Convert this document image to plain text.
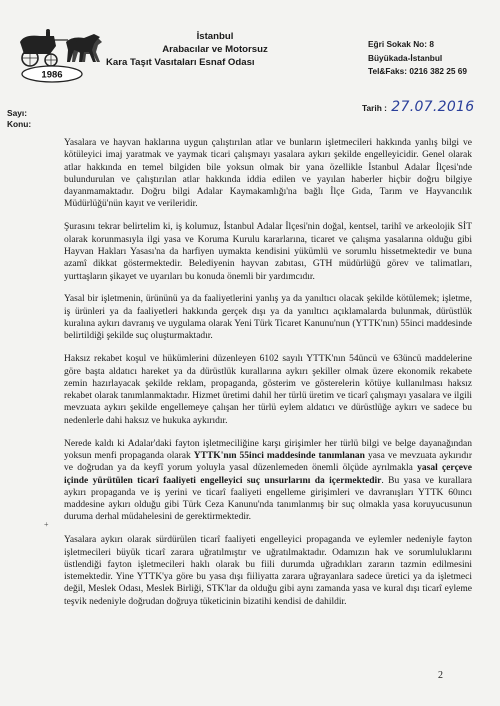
1986
İstanbul
Arabacılar ve Motorsuz
Kara Taşıt Vasıtaları Esnaf Odası
Eğri Sokak No: 8
Büyükada-İstanbul
Tel&Faks: 0216 382 25 69
Sayı:
Konu:
Tarih : 27.07.2016

Yasalara ve hayvan haklarına uygun çalıştırılan atlar ve bunların işletmecileri hakkında yanlış bilgi ve kötüleyici imaj yaratmak ve yaymak ticari çalışmayı yasalara aykırı şekilde engelleyicidir. Genel olarak atlar hakkında en temel bilgiden bile yoksun olmak bir yana özellikle İstanbul Adalar İlçesi'nde bulundurulan ve çalıştırılan atlar hakkında iddia edilen ve yayılan haberler hiçbir doğru bilgiye dayanmamaktadır. Doğru bilgi Adalar Kaymakamlığı'na bağlı İlçe Gıda, Tarım ve Hayvancılık Müdürlüğü'nün kayıt ve verileridir.

Şurasını tekrar belirtelim ki, iş kolumuz, İstanbul Adalar İlçesi'nin doğal, kentsel, tarihî ve arkeolojik SİT olarak korunmasıyla ilgi yasa ve Koruma Kurulu kararlarına, ticaret ve çalışma yasalarına olduğu gibi Hayvan Hakları Yasası'na da harfiyen uymakta kendisini yükümlü ve sorumlu hissetmektedir ve buna azamî dikkat göstermektedir. Belediyenin hayvan zabıtası, GTH müdürlüğü görev ve talimatları, yurttaşların şikayet ve uyarıları bu konuda önemli bir yardımcıdır.

Yasal bir işletmenin, ürününü ya da faaliyetlerini yanlış ya da yanıltıcı olacak şekilde kötülemek; işletme, iş ürünleri ya da faaliyetleri hakkında gerçek dışı ya da yanıltıcı açıklamalarda bulunmak, dürüstlük kuralına aykırı davranış ve uygulama olarak Yeni Türk Ticaret Kanunu'nun (YTTK'nın) 55inci maddesinde belirtildiği şekilde suç oluşturmaktadır.

Haksız rekabet koşul ve hükümlerini düzenleyen 6102 sayılı YTTK'nın 54üncü ve 63üncü maddelerine göre başta aldatıcı hareket ya da dürüstlük kurallarına aykırı şekiller olmak üzere ekonomik rekabete zemin hazırlayacak şekilde reklam, propaganda, gösterim ve gösterelerin kötüye kullanılması haksız rekabet olarak tanımlanmaktadır. Hizmet üretimi dahil her türlü üretim ve ticarî çalışmayı yasalara ve ilgili mevzuata aykırı şekilde engellemeye çalışan her türlü eylem aldatıcı ve dürüstlüğe aykırı ve sadece bu nedenlerle dahi haksız ve hukuka aykırıdır.

Nerede kaldı ki Adalar'daki fayton işletmeciliğine karşı girişimler her türlü bilgi ve belge dayanağından yoksun menfi propaganda olarak YTTK'nın 55inci maddesinde tanımlanan yasa ve mevzuata aykırıdır ve doğrudan ya da keyfî yorum yoluyla yasal düzenlemeden önemli ölçüde ayrılmakla yasal çerçeve içinde yürütülen ticarî faaliyeti engelleyici suç unsurlarını da içermektedir. Bu yasa ve kurallara aykırı propaganda ve iş yerini ve ticarî faaliyeti engelleme girişimleri ve davranışları YTTK 60ıncı maddesine aykırı olduğu gibi Türk Ceza Kanunu'nda tanımlanmış bir suç olmakla yasa koruyucusunun duruma derhal müdahelesini de gerektirmektedir.

Yasalara aykırı olarak sürdürülen ticarî faaliyeti engelleyici propaganda ve eylemler nedeniyle fayton işletmecileri büyük ticarî zarara uğratılmıştır ve uğratılmaktadır. Odamızın hak ve sorumluluklarını üstlendiği fayton işletmecileri haklı olarak bu fiili durumda uğradıkları zararın tazmin edilmesini istemektedir. Yine YTTK'ya göre bu yasa dışı fiiliyatta zarara uğrayanlara sadece üretici ya da işletmeci değil, Meslek Odası, Meslek Birliği, STK'lar da olduğu gibi aynı zamanda yasa ve kural dışı ticarî eyleme teşvik nedeniyle doğrudan doğruya tüketicinin bizatihi kendisi de dahildir.

+
2
